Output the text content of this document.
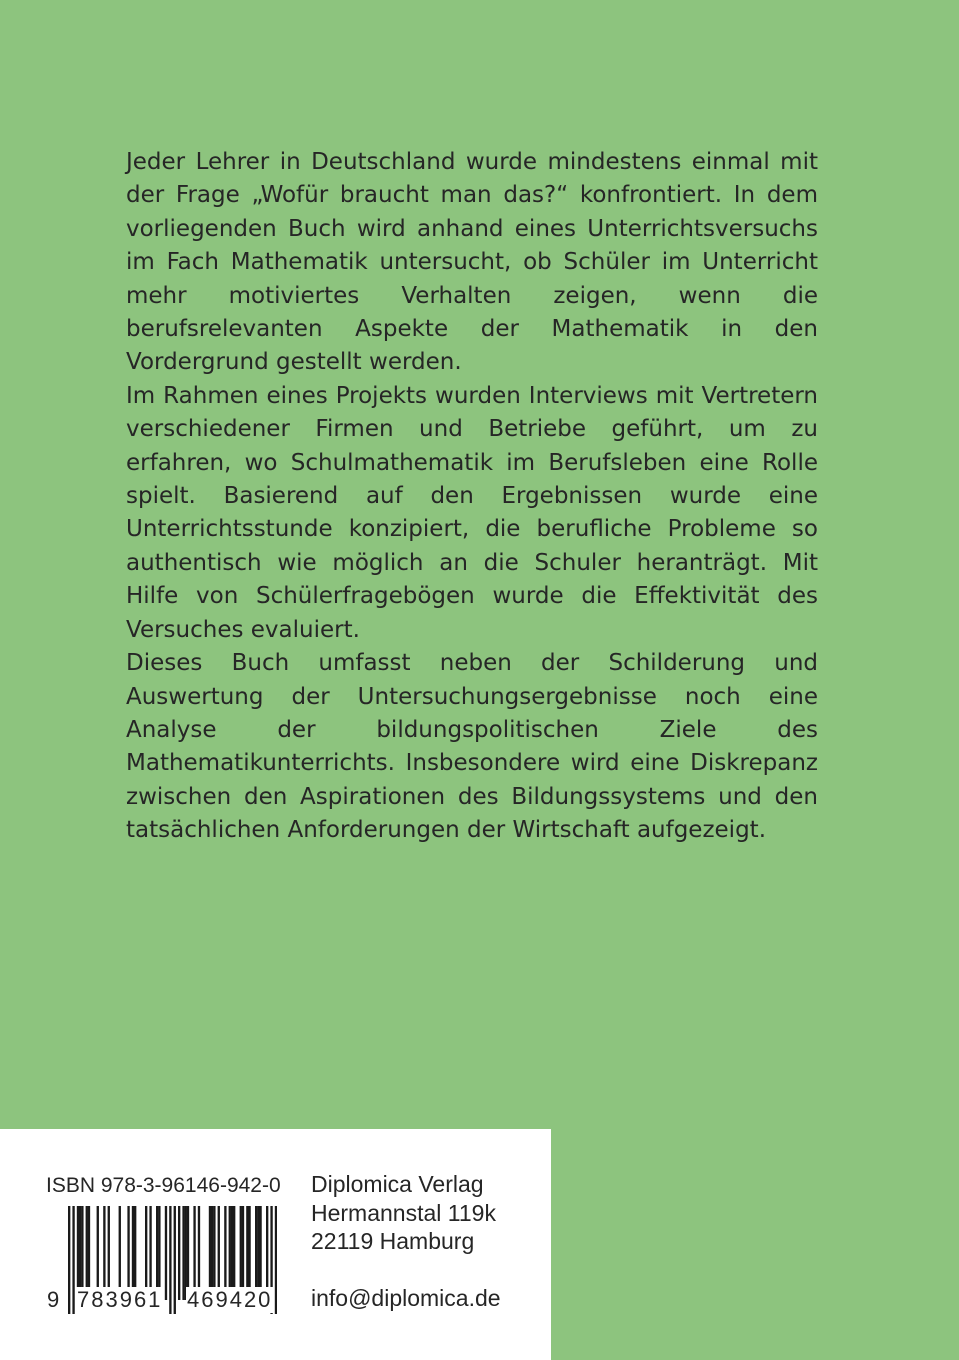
Jeder Lehrer in Deutschland wurde mindestens einmal mit der Frage „Wofür braucht man das?“ konfrontiert. In dem vorliegenden Buch wird anhand eines Unterrichtsversuchs im Fach Mathematik untersucht, ob Schüler im Unterricht mehr motiviertes Verhalten zeigen, wenn die berufsrelevanten Aspekte der Mathematik in den Vordergrund gestellt werden.

Im Rahmen eines Projekts wurden Interviews mit Vertretern verschiedener Firmen und Betriebe geführt, um zu erfahren, wo Schulmathematik im Berufsleben eine Rolle spielt. Basierend auf den Ergebnissen wurde eine Unterrichtsstunde konzipiert, die berufliche Probleme so authentisch wie möglich an die Schuler heranträgt. Mit Hilfe von Schülerfragebögen wurde die Effektivität des Versuches evaluiert.

Dieses Buch umfasst neben der Schilderung und Auswertung der Untersuchungsergebnisse noch eine Analyse der bildungspolitischen Ziele des Mathematikunterrichts. Insbesondere wird eine Diskrepanz zwischen den Aspirationen des Bildungssystems und den tatsächlichen Anforderungen der Wirtschaft aufgezeigt.

ISBN 978-3-96146-942-0
9 783961 469420
Diplomica Verlag
Hermannstal 119k
22119 Hamburg
info@diplomica.de
